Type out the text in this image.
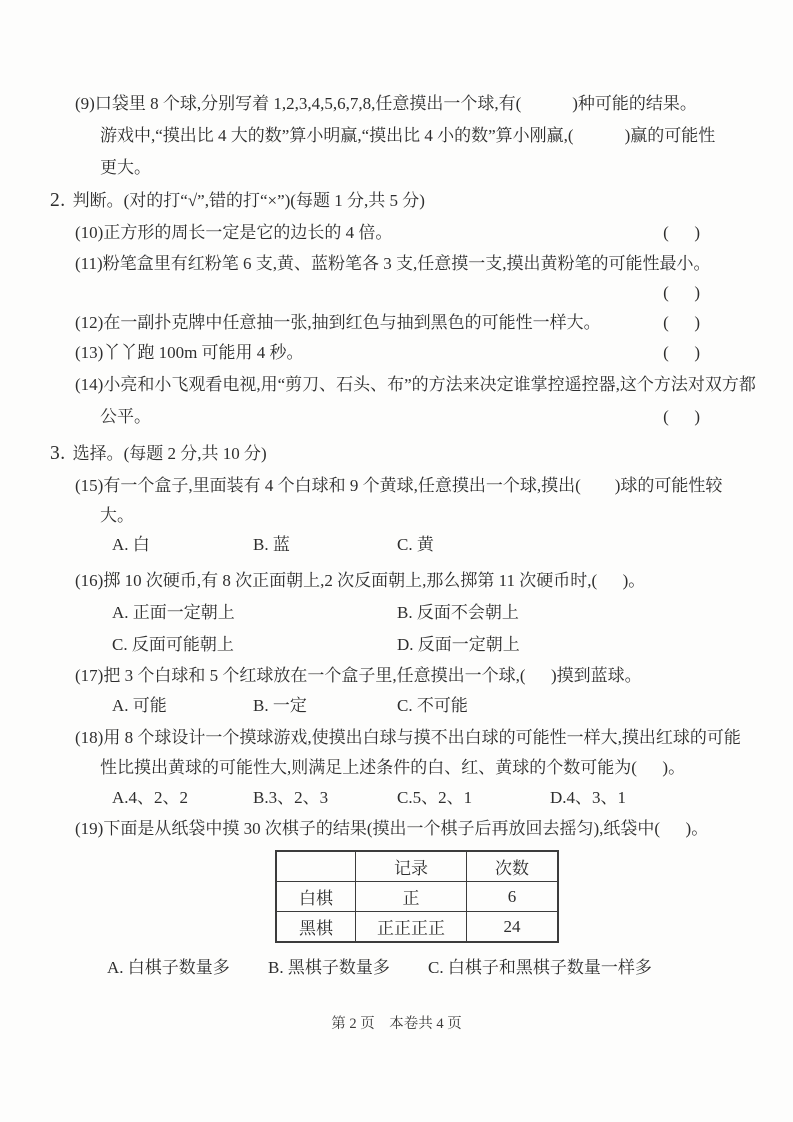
(9)口袋里 8 个球,分别写着 1,2,3,4,5,6,7,8,任意摸出一个球,有(            )种可能的结果。
游戏中,“摸出比 4 大的数”算小明赢,“摸出比 4 小的数”算小刚赢,(            )赢的可能性
更大。
2. 判断。(对的打“√”,错的打“×”)(每题 1 分,共 5 分)
(10)正方形的周长一定是它的边长的 4 倍。	(      )
(11)粉笔盒里有红粉笔 6 支,黄、蓝粉笔各 3 支,任意摸一支,摸出黄粉笔的可能性最小。
(      )
(12)在一副扑克牌中任意抽一张,抽到红色与抽到黑色的可能性一样大。	(      )
(13)丫丫跑 100m 可能用 4 秒。	(      )
(14)小亮和小飞观看电视,用“剪刀、石头、布”的方法来决定谁掌控遥控器,这个方法对双方都
公平。	(      )
3. 选择。(每题 2 分,共 10 分)
(15)有一个盒子,里面装有 4 个白球和 9 个黄球,任意摸出一个球,摸出(        )球的可能性较
大。
A. 白	B. 蓝	C. 黄
(16)掷 10 次硬币,有 8 次正面朝上,2 次反面朝上,那么掷第 11 次硬币时,(      )。
A. 正面一定朝上	B. 反面不会朝上
C. 反面可能朝上	D. 反面一定朝上
(17)把 3 个白球和 5 个红球放在一个盒子里,任意摸出一个球,(      )摸到蓝球。
A. 可能	B. 一定	C. 不可能
(18)用 8 个球设计一个摸球游戏,使摸出白球与摸不出白球的可能性一样大,摸出红球的可能
性比摸出黄球的可能性大,则满足上述条件的白、红、黄球的个数可能为(      )。
A.4、2、2	B.3、2、3	C.5、2、1	D.4、3、1
(19)下面是从纸袋中摸 30 次棋子的结果(摸出一个棋子后再放回去摇匀),纸袋中(      )。
	记录	次数
白棋	正	6
黑棋	正正正正	24
A. 白棋子数量多 B. 黑棋子数量多 C. 白棋子和黑棋子数量一样多
第 2 页    本卷共 4 页
